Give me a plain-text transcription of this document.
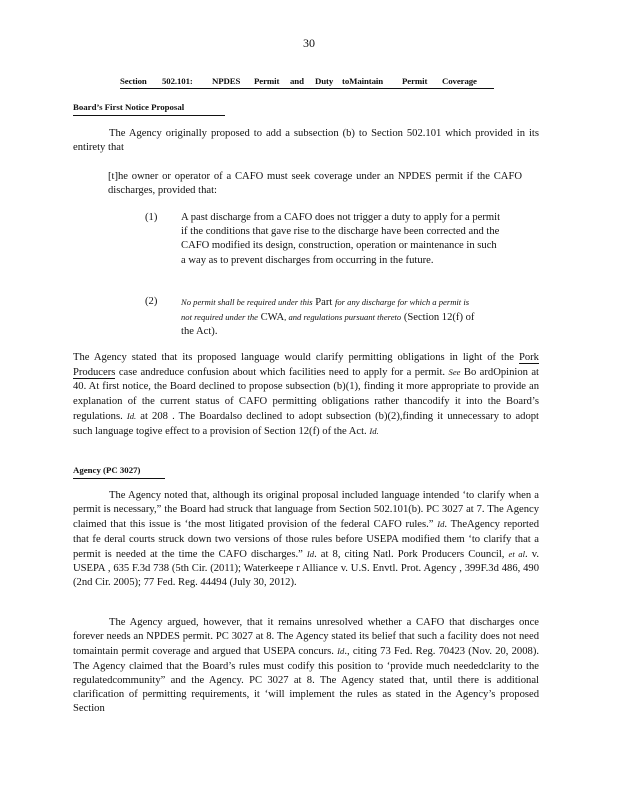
30
Section 502.101: NPDES Permit and Duty toMaintain Permit Coverage
Board’s First Notice Proposal
The Agency originally proposed to add a subsection (b) to Section 502.101 which provided in its entirety that
[t]he owner or operator of a CAFO must seek coverage under an NPDES permit if the CAFO discharges, provided that:
(1)	A past discharge from a CAFO does not trigger a duty to apply for a permit if the conditions that gave rise to the discharge have been corrected and the CAFO modified its design, construction, operation or maintenance in such a way as to prevent discharges from occurring in the future.
(2)	No permit shall be required under this Part for any discharge for which a permit is not required under the CWA, and regulations pursuant thereto (Section 12(f) of the Act).
The Agency stated that its proposed language would clarify permitting obligations in light of the Pork Producers case andreduce confusion about which facilities need to apply for a permit. See Bo ardOpinion at 40. At first notice, the Board declined to propose subsection (b)(1), finding it more appropriate to provide an explanation of the current status of CAFO permitting obligations rather thancodify it into the Board’s regulations. Id. at 208 . The Boardalso declined to adopt subsection (b)(2),finding it unnecessary to adopt such language togive effect to a provision of Section 12(f) of the Act. Id.
Agency (PC 3027)
The Agency noted that, although its original proposal included language intended ‘to clarify when a permit is necessary,” the Board had struck that language from Section 502.101(b). PC 3027 at 7. The Agency claimed that this issue is ‘the most litigated provision of the federal CAFO rules.” Id. TheAgency reported that fe deral courts struck down two versions of those rules before USEPA modified them ‘to clarify that a permit is needed at the time the CAFO discharges.” Id. at 8, citing Natl. Pork Producers Council, et al. v. USEPA , 635 F.3d 738 (5th Cir. (2011); Waterkeepe r Alliance v. U.S. Envtl. Prot. Agency , 399F.3d 486, 490 (2nd Cir. 2005); 77 Fed. Reg. 44494 (July 30, 2012).
The Agency argued, however, that it remains unresolved whether a CAFO that discharges once forever needs an NPDES permit. PC 3027 at 8. The Agency stated its belief that such a facility does not need tomaintain permit coverage and argued that USEPA concurs. Id., citing 73 Fed. Reg. 70423 (Nov. 20, 2008). The Agency claimed that the Board’s rules must codify this position to ‘provide much neededclarity to the regulatedcommunity” and the Agency. PC 3027 at 8. The Agency stated that, until there is additional clarification of permitting requirements, it ‘will implement the rules as stated in the Agency’s proposed Section
